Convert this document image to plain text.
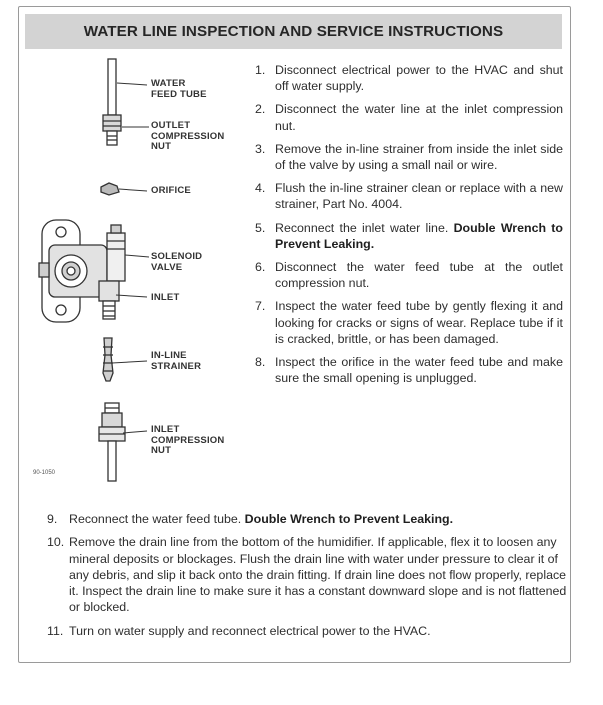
WATER LINE INSPECTION AND SERVICE INSTRUCTIONS
WATER
FEED TUBE
OUTLET
COMPRESSION
NUT
ORIFICE
SOLENOID
VALVE
INLET
IN-LINE
STRAINER
INLET
COMPRESSION
NUT
90-1050
1. Disconnect electrical power to the HVAC and shut off water supply.
2. Disconnect the water line at the inlet compression nut.
3. Remove the in-line strainer from inside the inlet side of the valve by using a small nail or wire.
4. Flush the in-line strainer clean or replace with a new strainer, Part No. 4004.
5. Reconnect the inlet water line. Double Wrench to Prevent Leaking.
6. Disconnect the water feed tube at the outlet compression nut.
7. Inspect the water feed tube by gently flexing it and looking for cracks or signs of wear. Replace tube if it is cracked, brittle, or has been damaged.
8. Inspect the orifice in the water feed tube and make sure the small opening is unplugged.
9. Reconnect the water feed tube. Double Wrench to Prevent Leaking.
10. Remove the drain line from the bottom of the humidifier. If applicable, flex it to loosen any mineral deposits or blockages. Flush the drain line with water under pressure to clear it of any debris, and slip it back onto the drain fitting. If drain line does not flow properly, replace it. Inspect the drain line to make sure it has a constant downward slope and is not flattened or blocked.
11. Turn on water supply and reconnect electrical power to the HVAC.
